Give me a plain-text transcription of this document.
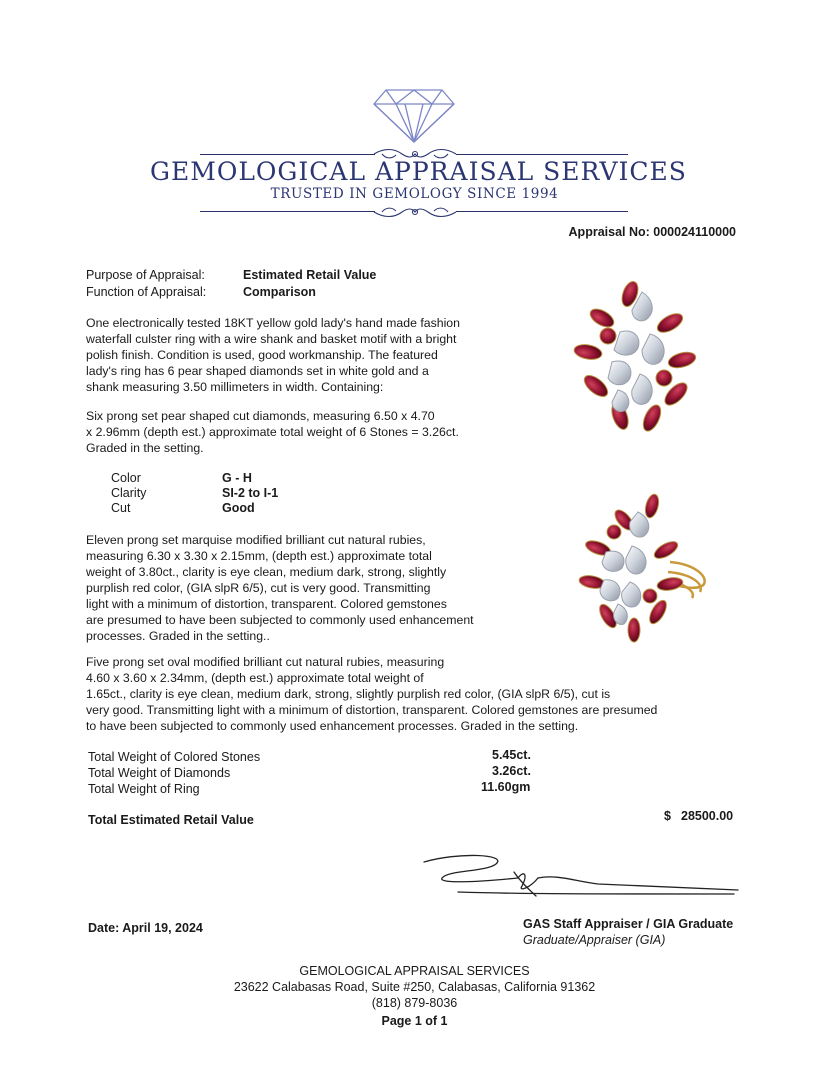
GEMOLOGICAL APPRAISAL SERVICES
TRUSTED IN GEMOLOGY SINCE 1994
Appraisal No: 000024110000
Purpose of Appraisal:	Estimated Retail Value
Function of Appraisal:	Comparison
One electronically tested 18KT yellow gold lady's hand made fashion
waterfall culster ring with a wire shank and basket motif with a bright
polish finish. Condition is used, good workmanship. The featured
lady's ring has 6 pear shaped diamonds set in white gold and a
shank measuring 3.50 millimeters in width. Containing:
Six prong set pear shaped cut diamonds, measuring 6.50 x 4.70
x 2.96mm (depth est.) approximate total weight of 6 Stones = 3.26ct.
Graded in the setting.
Color	G - H
Clarity	SI-2 to I-1
Cut	Good
Eleven prong set marquise modified brilliant cut natural rubies,
measuring 6.30 x 3.30 x 2.15mm, (depth est.) approximate total
weight of 3.80ct., clarity is eye clean, medium dark, strong, slightly
purplish red color, (GIA slpR 6/5), cut is very good. Transmitting
light with a minimum of distortion, transparent. Colored gemstones
are presumed to have been subjected to commonly used enhancement
processes. Graded in the setting..
Five prong set oval modified brilliant cut natural rubies, measuring
4.60 x 3.60 x 2.34mm, (depth est.) approximate total weight of
1.65ct., clarity is eye clean, medium dark, strong, slightly purplish red color, (GIA slpR 6/5), cut is
very good. Transmitting light with a minimum of distortion, transparent. Colored gemstones are presumed
to have been subjected to commonly used enhancement processes. Graded in the setting.
Total Weight of Colored Stones	5.45ct.
Total Weight of Diamonds	3.26ct.
Total Weight of Ring	11.60gm
Total Estimated Retail Value	$ 28500.00
Date: April 19, 2024	GAS Staff Appraiser / GIA Graduate
Graduate/Appraiser (GIA)
GEMOLOGICAL APPRAISAL SERVICES
23622 Calabasas Road, Suite #250, Calabasas, California 91362
(818) 879-8036
Page 1 of 1
